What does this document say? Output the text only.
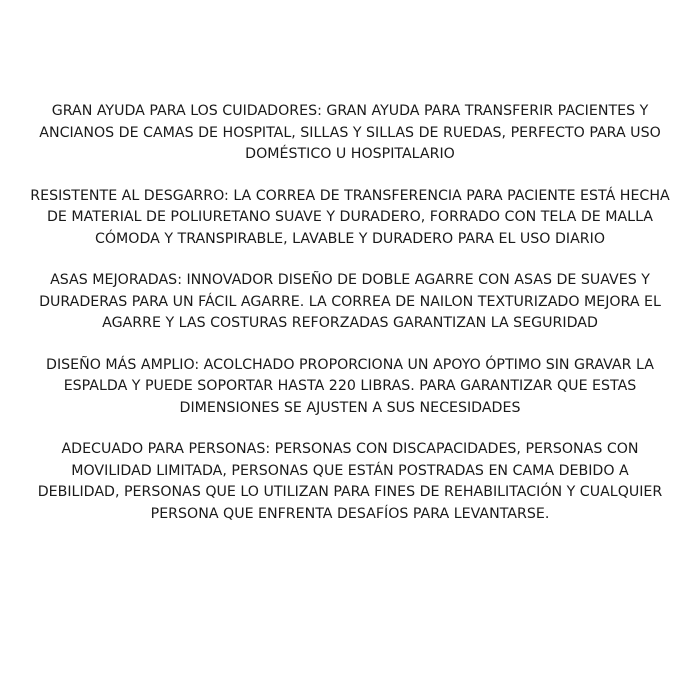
GRAN AYUDA PARA LOS CUIDADORES: GRAN AYUDA PARA TRANSFERIR PACIENTES Y ANCIANOS DE CAMAS DE HOSPITAL, SILLAS Y SILLAS DE RUEDAS, PERFECTO PARA USO DOMÉSTICO U HOSPITALARIO

RESISTENTE AL DESGARRO: LA CORREA DE TRANSFERENCIA PARA PACIENTE ESTÁ HECHA DE MATERIAL DE POLIURETANO SUAVE Y DURADERO, FORRADO CON TELA DE MALLA CÓMODA Y TRANSPIRABLE, LAVABLE Y DURADERO PARA EL USO DIARIO

ASAS MEJORADAS: INNOVADOR DISEÑO DE DOBLE AGARRE CON ASAS DE SUAVES Y DURADERAS PARA UN FÁCIL AGARRE. LA CORREA DE NAILON TEXTURIZADO MEJORA EL AGARRE Y LAS COSTURAS REFORZADAS GARANTIZAN LA SEGURIDAD

DISEÑO MÁS AMPLIO: ACOLCHADO PROPORCIONA UN APOYO ÓPTIMO SIN GRAVAR LA ESPALDA Y PUEDE SOPORTAR HASTA 220 LIBRAS. PARA GARANTIZAR QUE ESTAS DIMENSIONES SE AJUSTEN A SUS NECESIDADES

ADECUADO PARA PERSONAS: PERSONAS CON DISCAPACIDADES, PERSONAS CON MOVILIDAD LIMITADA, PERSONAS QUE ESTÁN POSTRADAS EN CAMA DEBIDO A DEBILIDAD, PERSONAS QUE LO UTILIZAN PARA FINES DE REHABILITACIÓN Y CUALQUIER PERSONA QUE ENFRENTA DESAFÍOS PARA LEVANTARSE.
